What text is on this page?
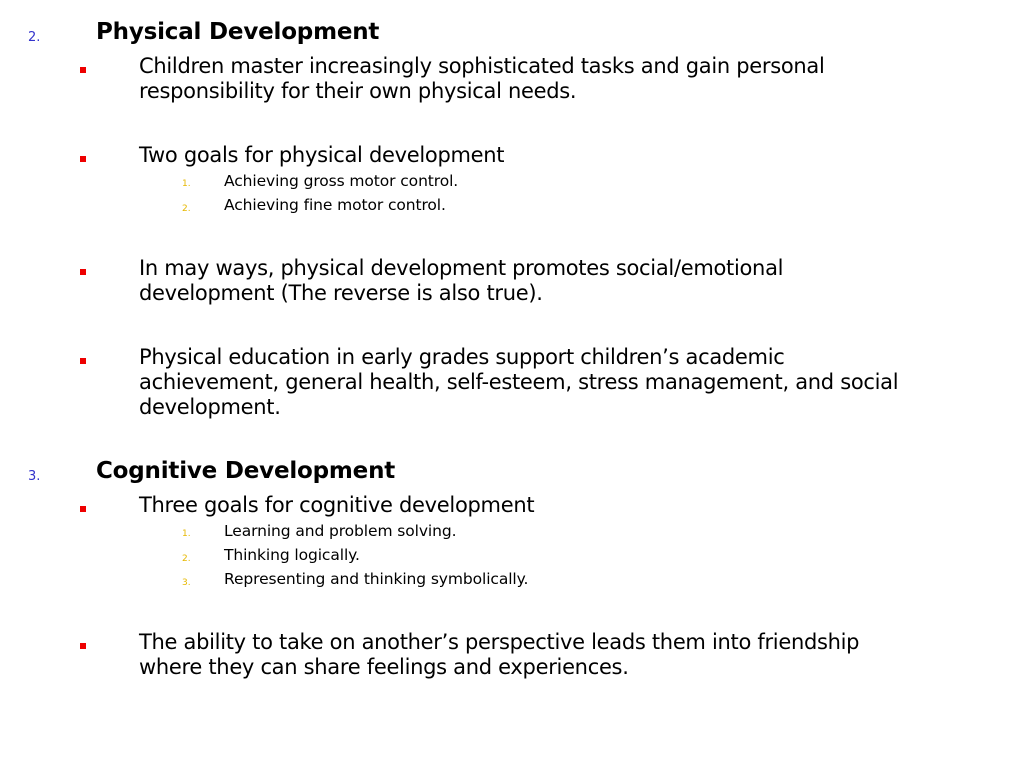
2. Physical Development
Children master increasingly sophisticated tasks and gain personal
responsibility for their own physical needs.
Two goals for physical development
1. Achieving gross motor control.
2. Achieving fine motor control.
In may ways, physical development promotes social/emotional
development (The reverse is also true).
Physical education in early grades support children’s academic
achievement, general health, self-esteem, stress management, and social
development.
3. Cognitive Development
Three goals for cognitive development
1. Learning and problem solving.
2. Thinking logically.
3. Representing and thinking symbolically.
The ability to take on another’s perspective leads them into friendship
where they can share feelings and experiences.
